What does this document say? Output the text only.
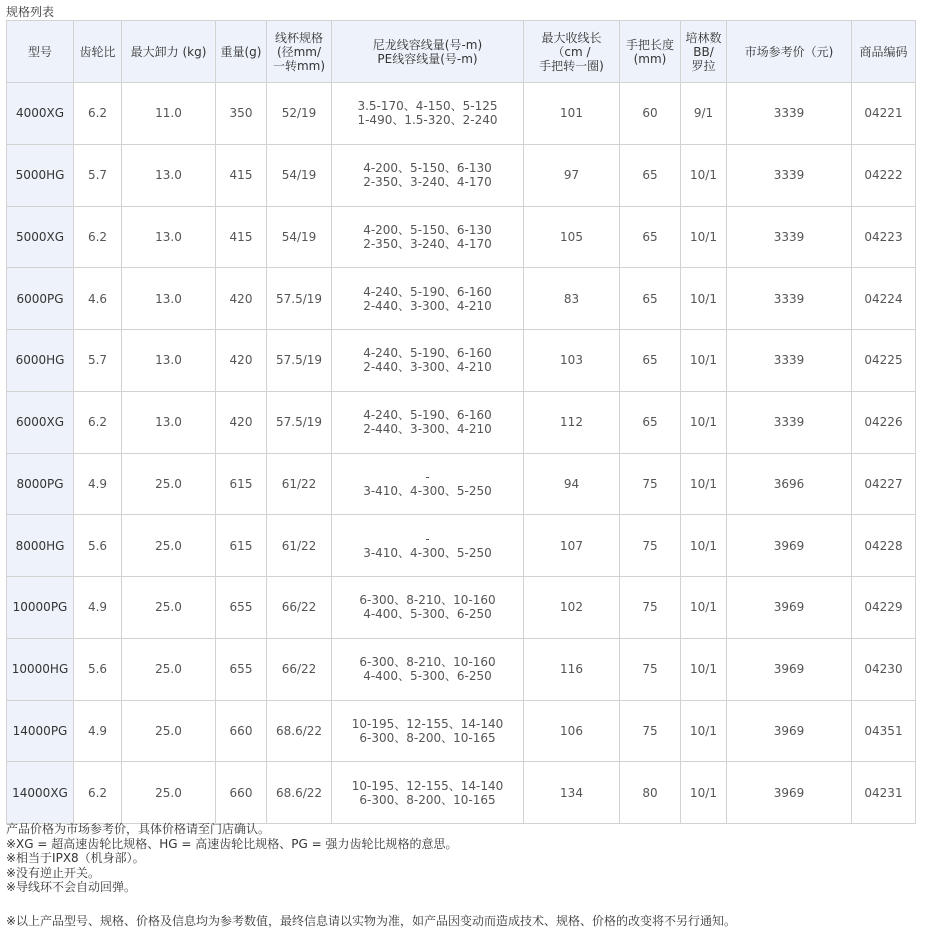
规格列表
型号	齿轮比	最大卸力 (kg)	重量(g)	线杯规格
(径mm/
一转mm)	尼龙线容线量(号-m)
PE线容线量(号-m)	最大收线长
（cm /
手把转一圈)	手把长度
(mm)	培林数
BB/
罗拉	市场参考价（元)	商品编码
4000XG	6.2	11.0	350	52/19	3.5-170、4-150、5-125
1-490、1.5-320、2-240	101	60	9/1	3339	04221
5000HG	5.7	13.0	415	54/19	4-200、5-150、6-130
2-350、3-240、4-170	97	65	10/1	3339	04222
5000XG	6.2	13.0	415	54/19	4-200、5-150、6-130
2-350、3-240、4-170	105	65	10/1	3339	04223
6000PG	4.6	13.0	420	57.5/19	4-240、5-190、6-160
2-440、3-300、4-210	83	65	10/1	3339	04224
6000HG	5.7	13.0	420	57.5/19	4-240、5-190、6-160
2-440、3-300、4-210	103	65	10/1	3339	04225
6000XG	6.2	13.0	420	57.5/19	4-240、5-190、6-160
2-440、3-300、4-210	112	65	10/1	3339	04226
8000PG	4.9	25.0	615	61/22	-
3-410、4-300、5-250	94	75	10/1	3696	04227
8000HG	5.6	25.0	615	61/22	-
3-410、4-300、5-250	107	75	10/1	3969	04228
10000PG	4.9	25.0	655	66/22	6-300、8-210、10-160
4-400、5-300、6-250	102	75	10/1	3969	04229
10000HG	5.6	25.0	655	66/22	6-300、8-210、10-160
4-400、5-300、6-250	116	75	10/1	3969	04230
14000PG	4.9	25.0	660	68.6/22	10-195、12-155、14-140
6-300、8-200、10-165	106	75	10/1	3969	04351
14000XG	6.2	25.0	660	68.6/22	10-195、12-155、14-140
6-300、8-200、10-165	134	80	10/1	3969	04231
产品价格为市场参考价，具体价格请至门店确认。
※XG = 超高速齿轮比规格、HG = 高速齿轮比规格、PG = 强力齿轮比规格的意思。
※相当于IPX8（机身部）。
※没有逆止开关。
※导线环不会自动回弹。
※以上产品型号、规格、价格及信息均为参考数值，最终信息请以实物为准，如产品因变动而造成技术、规格、价格的改变将不另行通知。
